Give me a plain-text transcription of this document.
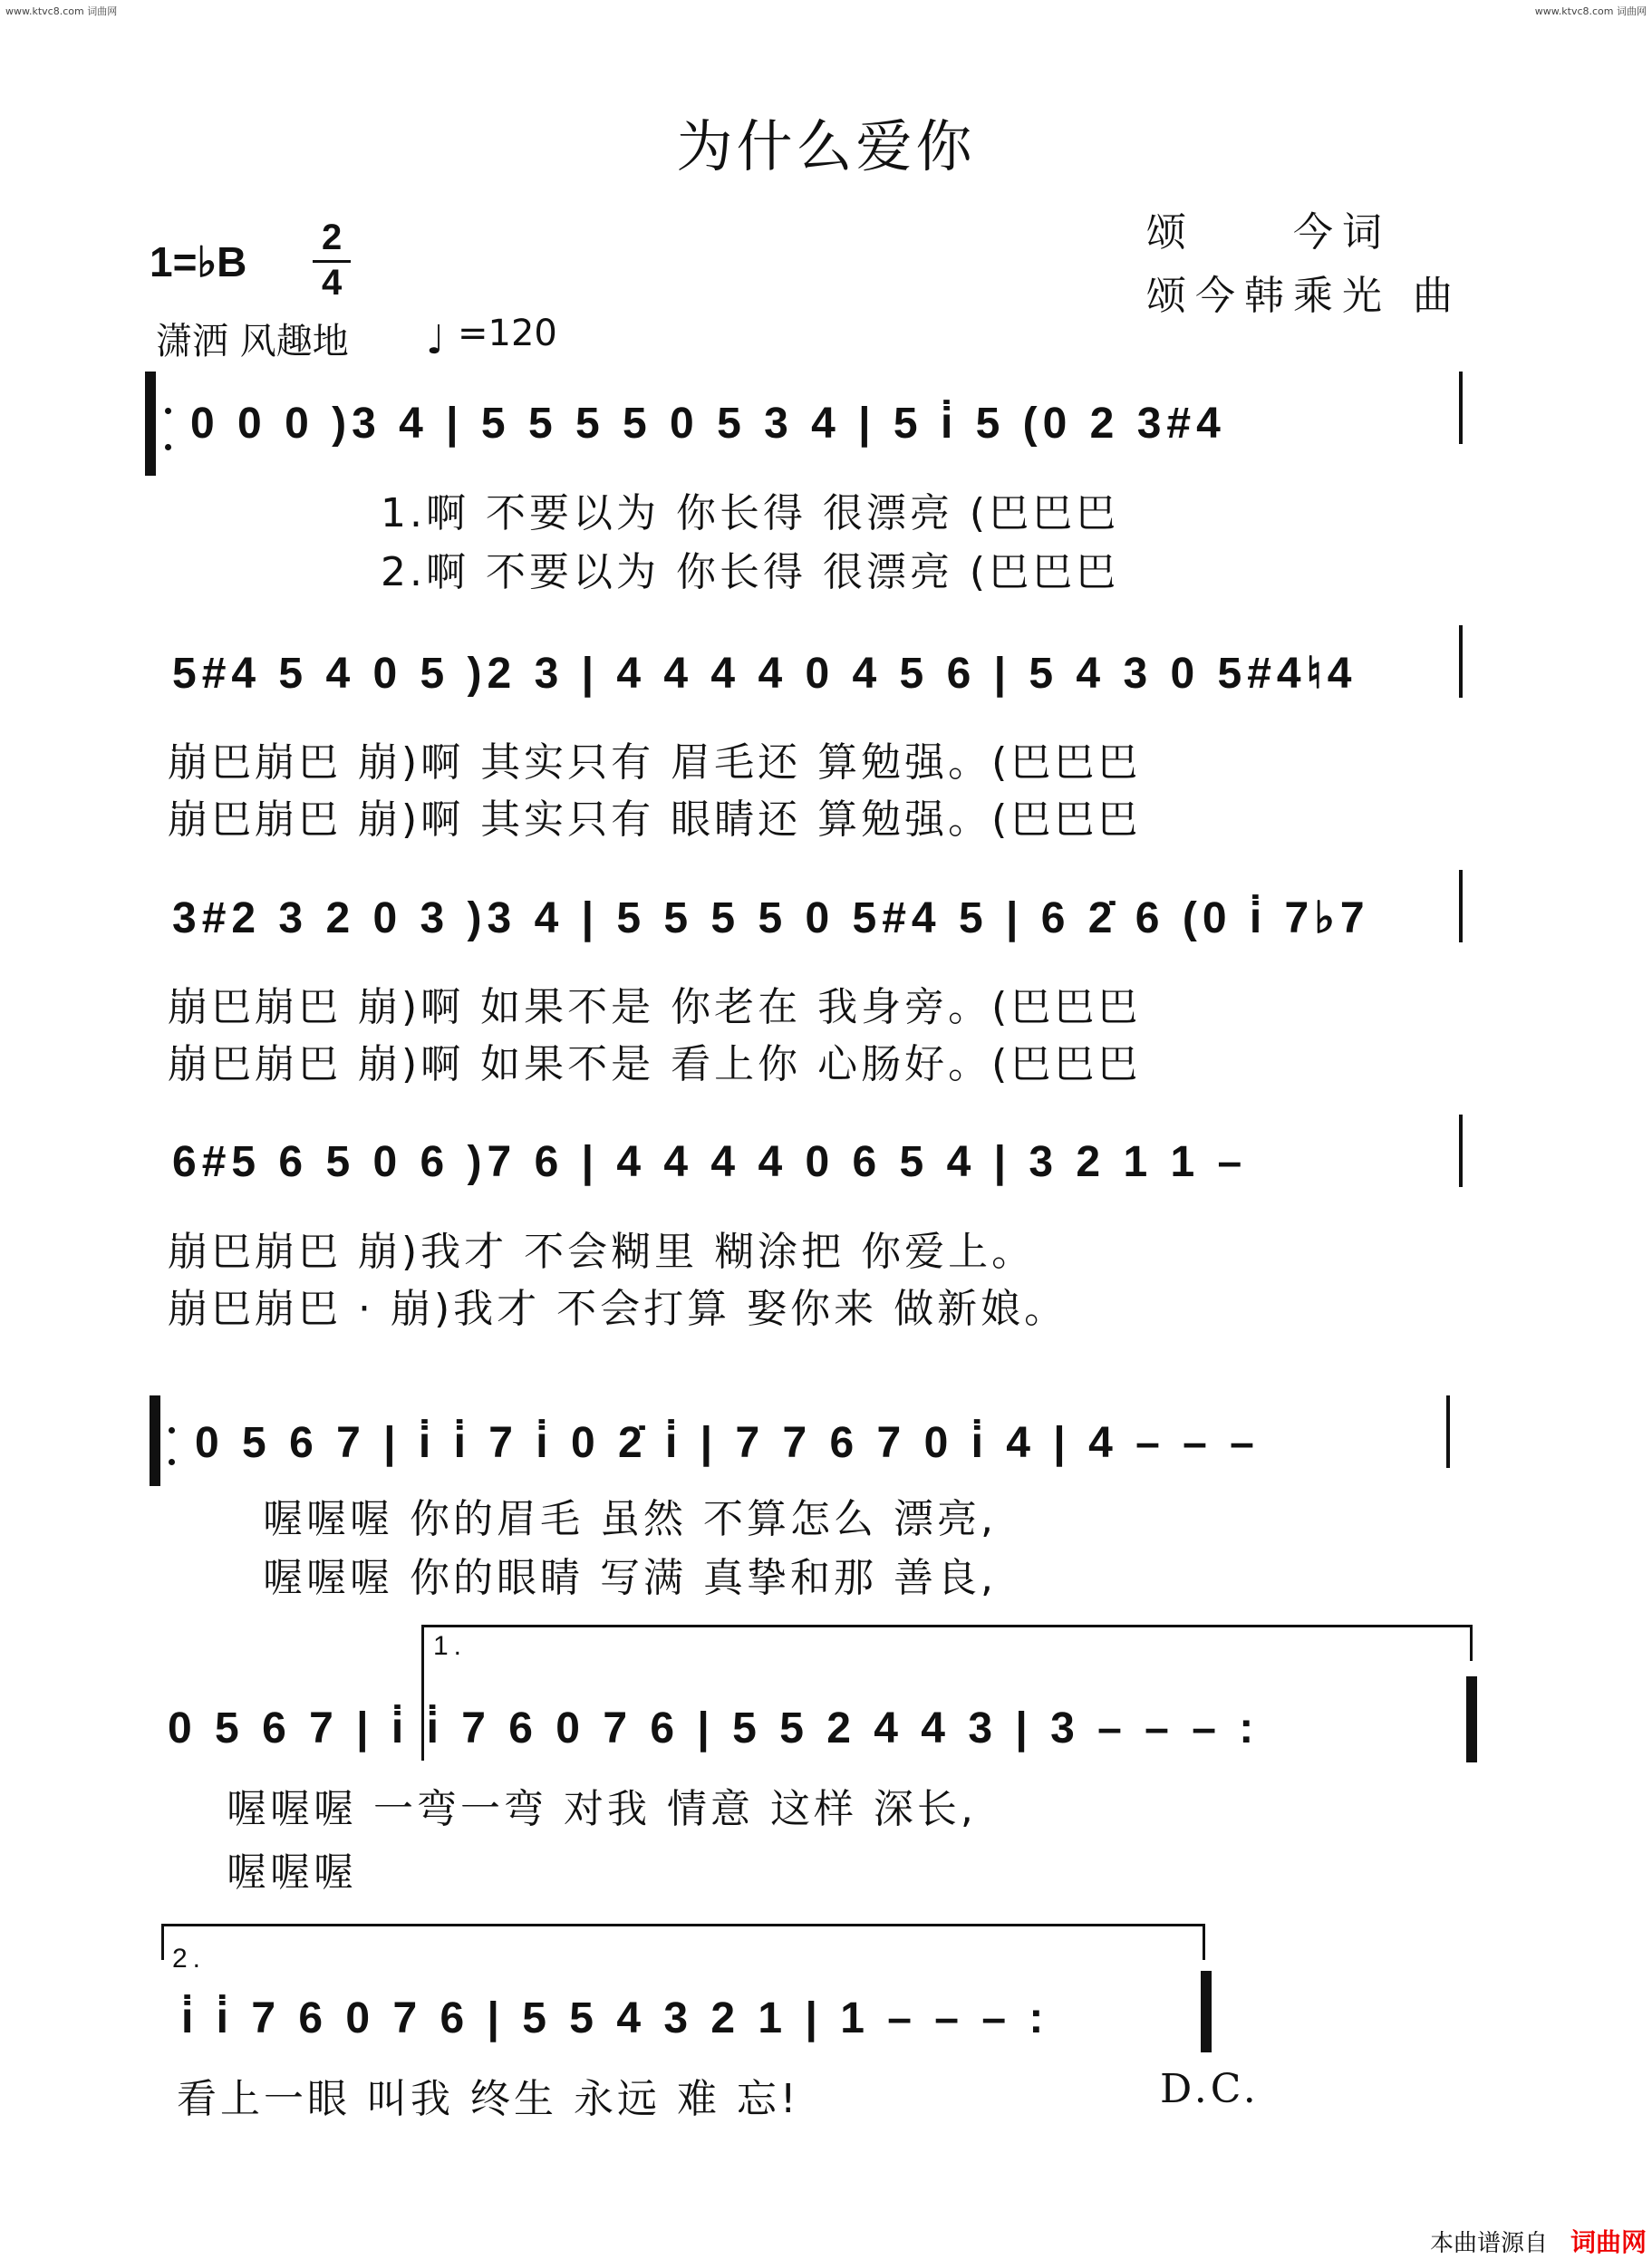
www.ktvc8.com 词曲网	www.ktvc8.com 词曲网
为什么爱你
颂　　今词
颂今韩乘光 曲
1=♭B
2
4
潇洒 风趣地 ♩ =120
0 0 0 )3 4 | 5 5 5 5 0 5 3 4 | 5 i̇ 5 (0 2 3#4
1.啊 不要以为 你长得 很漂亮 (巴巴巴
2.啊 不要以为 你长得 很漂亮 (巴巴巴
5#4 5 4 0 5 )2 3 | 4 4 4 4 0 4 5 6 | 5 4 3 0 5#4♮4
崩巴崩巴 崩)啊 其实只有 眉毛还 算勉强。(巴巴巴
崩巴崩巴 崩)啊 其实只有 眼睛还 算勉强。(巴巴巴
3#2 3 2 0 3 )3 4 | 5 5 5 5 0 5#4 5 | 6 2̇ 6 (0 i̇ 7♭7
崩巴崩巴 崩)啊 如果不是 你老在 我身旁。(巴巴巴
崩巴崩巴 崩)啊 如果不是 看上你 心肠好。(巴巴巴
6#5 6 5 0 6 )7 6 | 4 4 4 4 0 6 5 4 | 3 2 1 1 –
崩巴崩巴 崩)我才 不会糊里 糊涂把 你爱上。
崩巴崩巴 · 崩)我才 不会打算 娶你来 做新娘。
0 5 6 7 | i̇ i̇ 7 i̇ 0 2̇ i̇ | 7 7 6 7 0 i̇ 4 | 4 – – –
喔喔喔 你的眉毛 虽然 不算怎么 漂亮,
喔喔喔 你的眼睛 写满 真挚和那 善良,
1.
0 5 6 7 | i̇ i̇ 7 6 0 7 6 | 5 5 2 4 4 3 | 3 – – – :
喔喔喔 一弯一弯 对我 情意 这样 深长,
喔喔喔
2.
i̇ i̇ 7 6 0 7 6 | 5 5 4 3 2 1 | 1 – – – :
看上一眼 叫我 终生 永远 难 忘!	D.C.
本曲谱源自 词曲网
